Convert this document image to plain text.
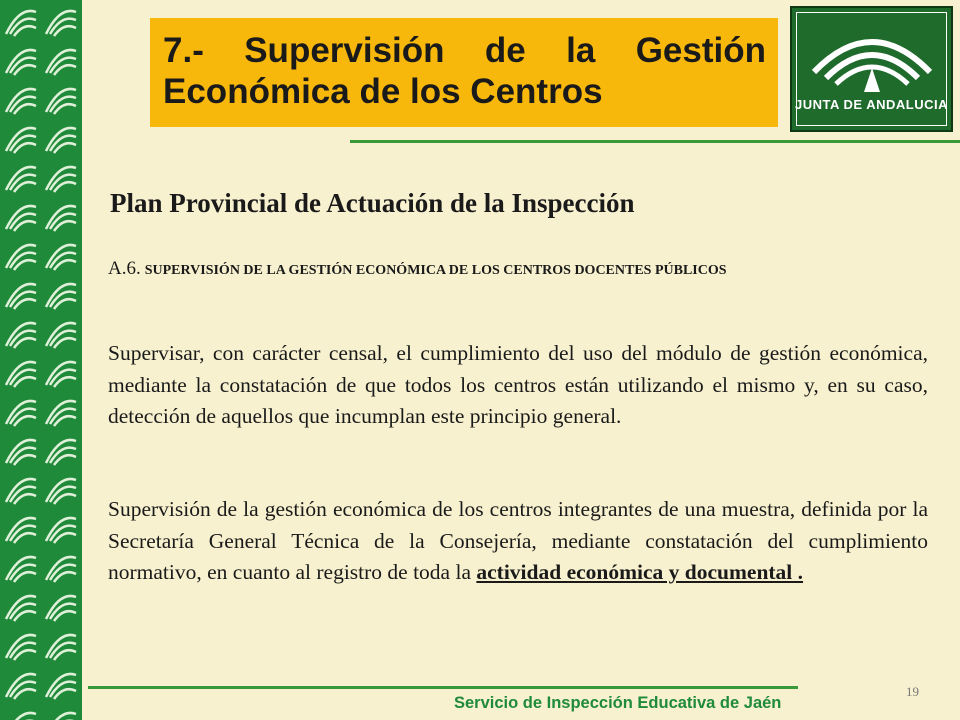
7.- Supervisión de la Gestión Económica de los Centros	JUNTA DE ANDALUCIA
Plan Provincial de Actuación de la Inspección
A.6. SUPERVISIÓN DE LA GESTIÓN ECONÓMICA DE LOS CENTROS DOCENTES PÚBLICOS

Supervisar, con carácter censal, el cumplimiento del uso del módulo de gestión económica, mediante la constatación de que todos los centros están utilizando el mismo y, en su caso, detección de aquellos que incumplan este principio general.

Supervisión de la gestión económica de los centros integrantes de una muestra, definida por la Secretaría General Técnica de la Consejería, mediante constatación del cumplimiento normativo, en cuanto al registro de toda la actividad económica y documental .

Servicio de Inspección Educativa de Jaén
19
